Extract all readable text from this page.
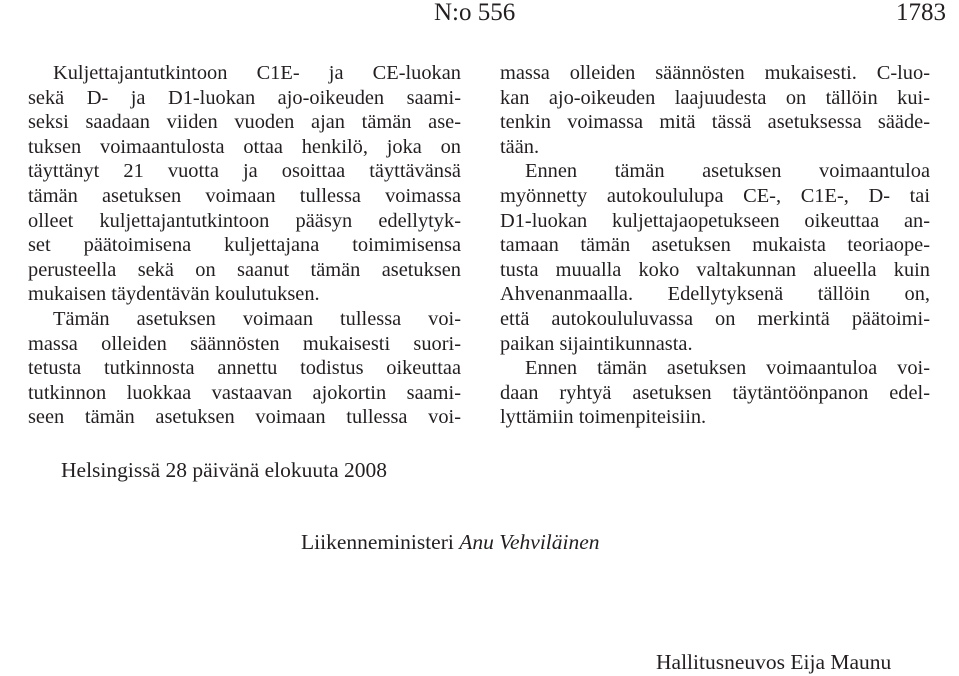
N:o 556	1783
Kuljettajantutkintoon C1E- ja CE-luokan
sekä D- ja D1-luokan ajo-oikeuden saami-
seksi saadaan viiden vuoden ajan tämän ase-
tuksen voimaantulosta ottaa henkilö, joka on
täyttänyt 21 vuotta ja osoittaa täyttävänsä
tämän asetuksen voimaan tullessa voimassa
olleet kuljettajantutkintoon pääsyn edellytyk-
set päätoimisena kuljettajana toimimisensa
perusteella sekä on saanut tämän asetuksen
mukaisen täydentävän koulutuksen.
Tämän asetuksen voimaan tullessa voi-
massa olleiden säännösten mukaisesti suori-
tetusta tutkinnosta annettu todistus oikeuttaa
tutkinnon luokkaa vastaavan ajokortin saami-
seen tämän asetuksen voimaan tullessa voi-
massa olleiden säännösten mukaisesti. C-luo-
kan ajo-oikeuden laajuudesta on tällöin kui-
tenkin voimassa mitä tässä asetuksessa sääde-
tään.
Ennen tämän asetuksen voimaantuloa
myönnetty autokoululupa CE-, C1E-, D- tai
D1-luokan kuljettajaopetukseen oikeuttaa an-
tamaan tämän asetuksen mukaista teoriaope-
tusta muualla koko valtakunnan alueella kuin
Ahvenanmaalla. Edellytyksenä tällöin on,
että autokoululuvassa on merkintä päätoimi-
paikan sijaintikunnasta.
Ennen tämän asetuksen voimaantuloa voi-
daan ryhtyä asetuksen täytäntöönpanon edel-
lyttämiin toimenpiteisiin.
Helsingissä 28 päivänä elokuuta 2008
Liikenneministeri Anu Vehviläinen
Hallitusneuvos Eija Maunu
